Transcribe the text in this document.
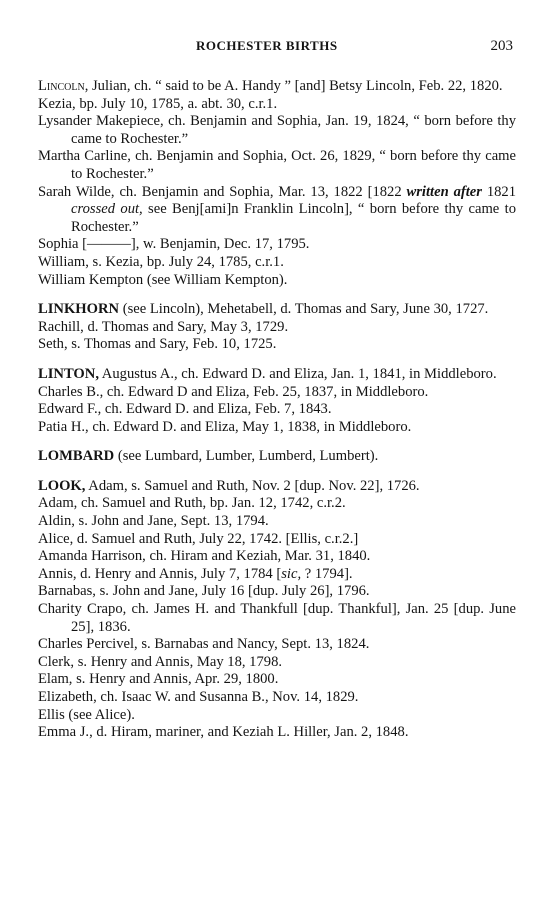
ROCHESTER BIRTHS	203

Lincoln, Julian, ch. “ said to be A. Handy ” [and] Betsy Lincoln, Feb. 22, 1820.

Kezia, bp. July 10, 1785, a. abt. 30, c.r.1.

Lysander Makepiece, ch. Benjamin and Sophia, Jan. 19, 1824, “ born before thy came to Rochester.”

Martha Carline, ch. Benjamin and Sophia, Oct. 26, 1829, “ born before thy came to Rochester.”

Sarah Wilde, ch. Benjamin and Sophia, Mar. 13, 1822 [1822 written after 1821 crossed out, see Benj[ami]n Franklin Lincoln], “ born before thy came to Rochester.”

Sophia [———], w. Benjamin, Dec. 17, 1795.

William, s. Kezia, bp. July 24, 1785, c.r.1.

William Kempton (see William Kempton).

LINKHORN (see Lincoln), Mehetabell, d. Thomas and Sary, June 30, 1727.

Rachill, d. Thomas and Sary, May 3, 1729.

Seth, s. Thomas and Sary, Feb. 10, 1725.

LINTON, Augustus A., ch. Edward D. and Eliza, Jan. 1, 1841, in Middleboro.

Charles B., ch. Edward D and Eliza, Feb. 25, 1837, in Middleboro.

Edward F., ch. Edward D. and Eliza, Feb. 7, 1843.

Patia H., ch. Edward D. and Eliza, May 1, 1838, in Middleboro.

LOMBARD (see Lumbard, Lumber, Lumberd, Lumbert).

LOOK, Adam, s. Samuel and Ruth, Nov. 2 [dup. Nov. 22], 1726.

Adam, ch. Samuel and Ruth, bp. Jan. 12, 1742, c.r.2.

Aldin, s. John and Jane, Sept. 13, 1794.

Alice, d. Samuel and Ruth, July 22, 1742. [Ellis, c.r.2.]

Amanda Harrison, ch. Hiram and Keziah, Mar. 31, 1840.

Annis, d. Henry and Annis, July 7, 1784 [sic, ? 1794].

Barnabas, s. John and Jane, July 16 [dup. July 26], 1796.

Charity Crapo, ch. James H. and Thankfull [dup. Thankful], Jan. 25 [dup. June 25], 1836.

Charles Percivel, s. Barnabas and Nancy, Sept. 13, 1824.

Clerk, s. Henry and Annis, May 18, 1798.

Elam, s. Henry and Annis, Apr. 29, 1800.

Elizabeth, ch. Isaac W. and Susanna B., Nov. 14, 1829.

Ellis (see Alice).

Emma J., d. Hiram, mariner, and Keziah L. Hiller, Jan. 2, 1848.
